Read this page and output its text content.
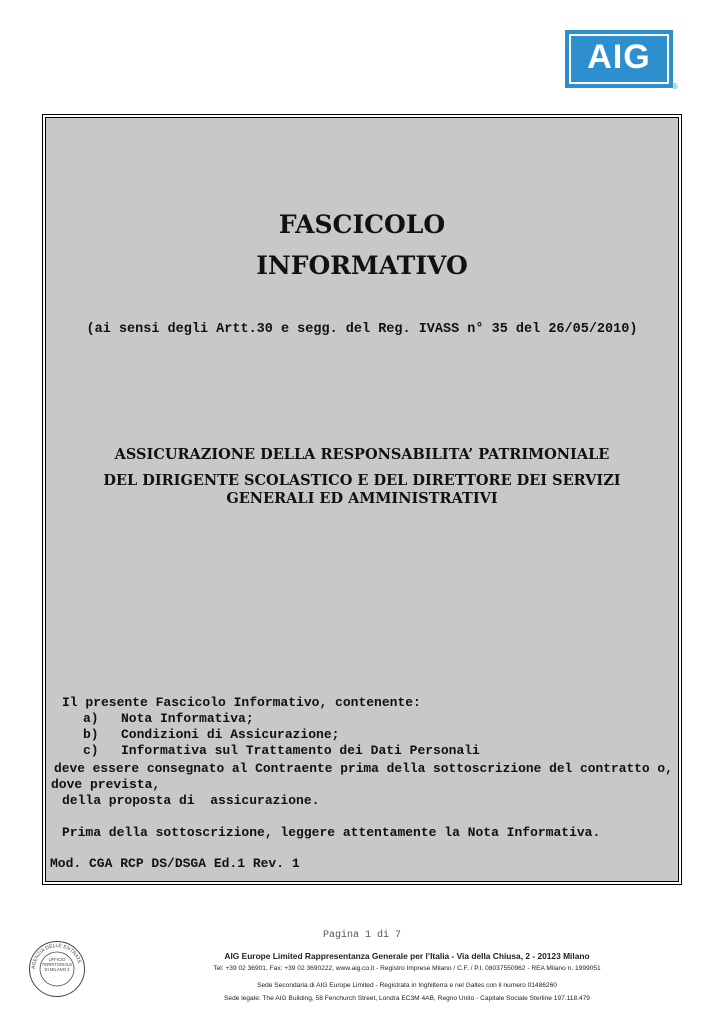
AIG
®
FASCICOLO
INFORMATIVO
(ai sensi degli Artt.30 e segg. del Reg. IVASS n° 35 del 26/05/2010)
ASSICURAZIONE DELLA RESPONSABILITA’ PATRIMONIALE
DEL DIRIGENTE SCOLASTICO E DEL DIRETTORE DEI SERVIZI
GENERALI ED AMMINISTRATIVI
Il presente Fascicolo Informativo, contenente:
a) Nota Informativa;
b) Condizioni di Assicurazione;
c) Informativa sul Trattamento dei Dati Personali
deve essere consegnato al Contraente prima della sottoscrizione del contratto o,
dove prevista,
della proposta di  assicurazione.
Prima della sottoscrizione, leggere attentamente la Nota Informativa.
Mod. CGA RCP DS/DSGA Ed.1 Rev. 1
Pagina 1 di 7
AGENZIA DELLE ENTRATE
UFFICIO TERRITORIALE DI MILANO 2
AIG Europe Limited Rappresentanza Generale per l’Italia - Via della Chiusa, 2 - 20123 Milano
Tel: +39 02 36901, Fax: +39 02 3690222, www.aig.co.it - Registro Imprese Milano / C.F. / P.I. 08037550962 - REA Milano n. 1999051
Sede Secondaria di AIG Europe Limited - Registrata in Inghilterra e nel Galles con il numero 01486260
Sede legale: The AIG Building, 58 Fenchurch Street, Londra EC3M 4AB, Regno Unito - Capitale Sociale Sterline 197.118.479
